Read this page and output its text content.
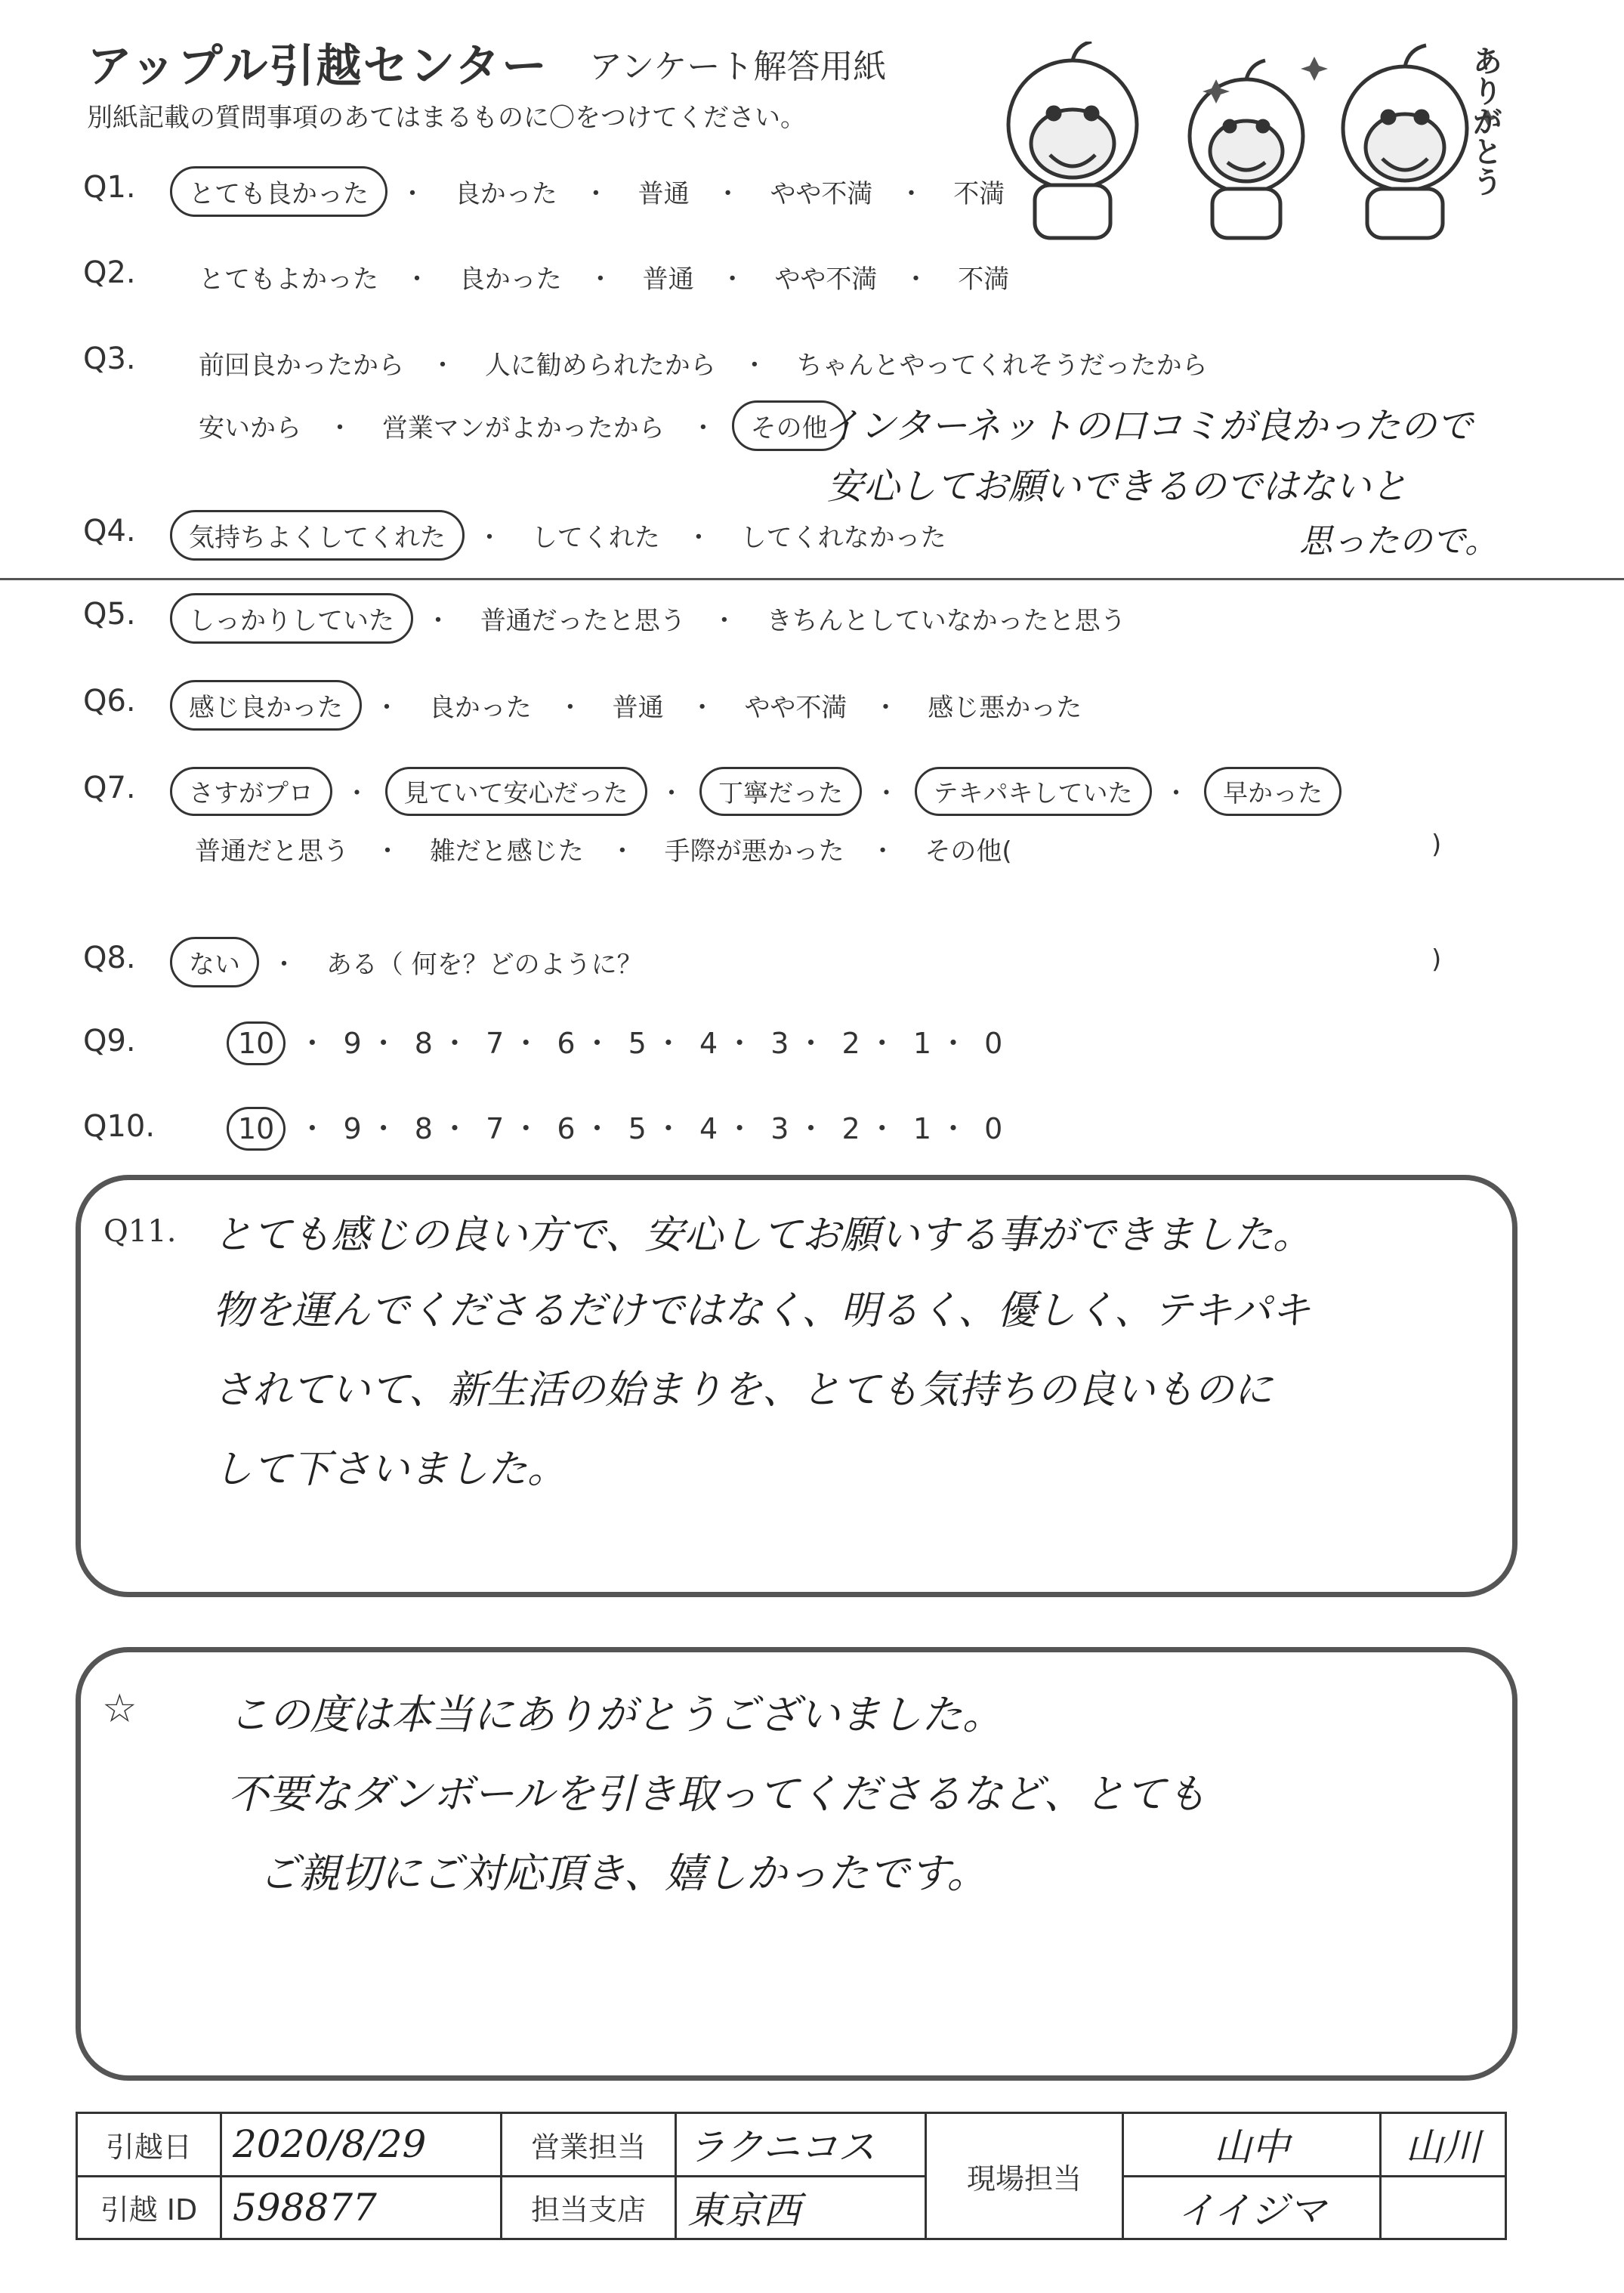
アップル引越センター アンケート解答用紙
別紙記載の質問事項のあてはまるものに〇をつけてください。	ありがとう
Q1.	とても良かった ・ 良かった ・ 普通 ・ やや不満 ・ 不満
Q2.	とてもよかった ・ 良かった ・ 普通 ・ やや不満 ・ 不満
Q3.	前回良かったから ・ 人に勧められたから ・ ちゃんとやってくれそうだったから
安いから ・ 営業マンがよかったから ・ その他
インターネットの口コミが良かったので
安心してお願いできるのではないと
思ったので。
Q4.	気持ちよくしてくれた ・ してくれた ・ してくれなかった
Q5.	しっかりしていた ・ 普通だったと思う ・ きちんとしていなかったと思う
Q6.	感じ良かった ・ 良かった ・ 普通 ・ やや不満 ・ 感じ悪かった
Q7.	さすがプロ ・ 見ていて安心だった ・ 丁寧だった ・ テキパキしていた ・ 早かった
普通だと思う ・ 雑だと感じた ・ 手際が悪かった ・ その他(	)
Q8.	ない ・ ある（ 何を？どのように？	)
Q9.	10 ・ 9 ・ 8 ・ 7 ・ 6 ・ 5 ・ 4 ・ 3 ・ 2 ・ 1 ・ 0
Q10.	10 ・ 9 ・ 8 ・ 7 ・ 6 ・ 5 ・ 4 ・ 3 ・ 2 ・ 1 ・ 0
Q11. とても感じの良い方で、安心してお願いする事ができました。
物を運んでくださるだけではなく、明るく、優しく、テキパキ
されていて、新生活の始まりを、とても気持ちの良いものに
して下さいました。
☆ この度は本当にありがとうございました。
不要なダンボールを引き取ってくださるなど、とても
ご親切にご対応頂き、嬉しかったです。
引越日	2020/8/29	営業担当	ラクニコス	現場担当	山中	山川
引越 ID	598877	担当支店	東京西		イイジマ	
